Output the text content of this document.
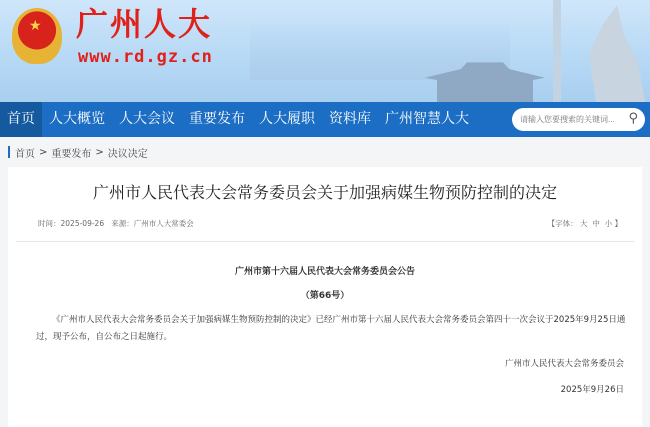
★ 广州人大
www.rd.gz.cn
首页	人大概览	人大会议	重要发布	人大履职	资料库	广州智慧人大
请输入您要搜索的关键词...	⚲
首页 > 重要发布 > 决议决定
广州市人民代表大会常务委员会关于加强病媒生物预防控制的决定
时间：2025-09-26 来源：广州市人大常委会	【字体： 大 中 小 】
广州市第十六届人民代表大会常务委员会公告
（第66号）
《广州市人民代表大会常务委员会关于加强病媒生物预防控制的决定》已经广州市第十六届人民代表大会常务委员会第四十一次会议于2025年9月25日通过，现予公布，自公布之日起施行。
广州市人民代表大会常务委员会
2025年9月26日
